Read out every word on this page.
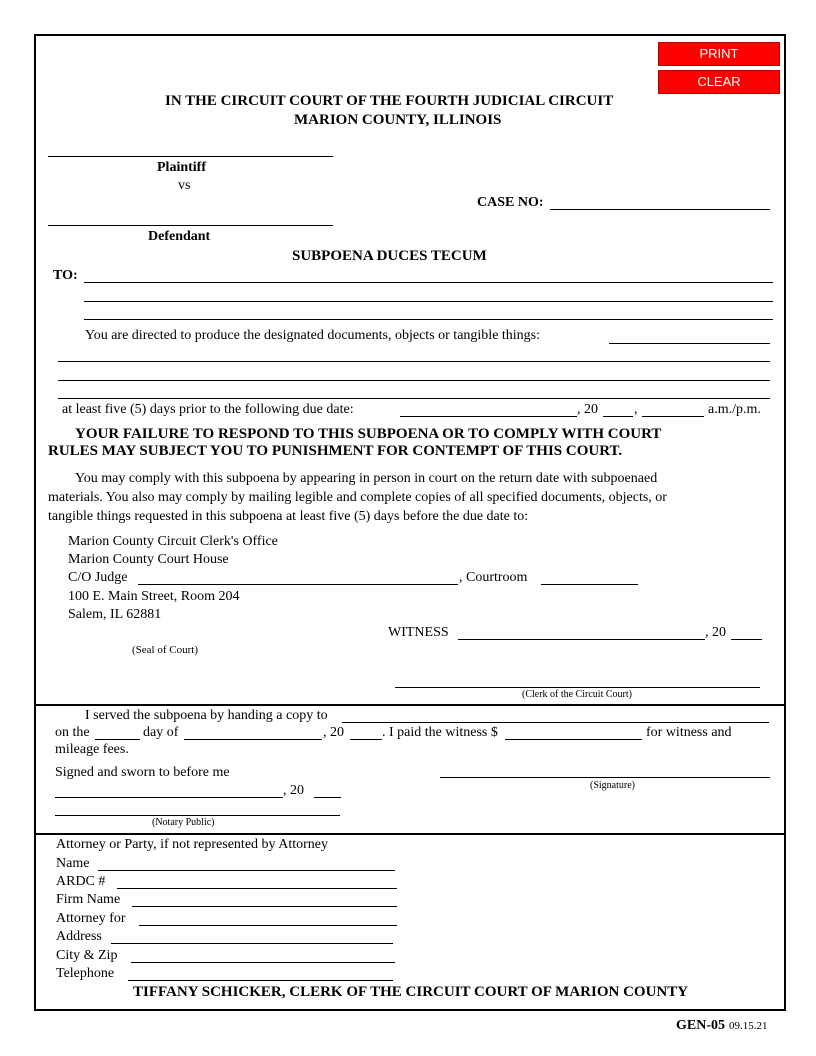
PRINT
CLEAR
IN THE CIRCUIT COURT OF THE FOURTH JUDICIAL CIRCUIT
MARION COUNTY, ILLINOIS
Plaintiff
vs
CASE NO:
Defendant
SUBPOENA DUCES TECUM
TO:
You are directed to produce the designated documents, objects or tangible things:
at least five (5) days prior to the following due date:	, 20	,	a.m./p.m.
YOUR FAILURE TO RESPOND TO THIS SUBPOENA OR TO COMPLY WITH COURT
RULES MAY SUBJECT YOU TO PUNISHMENT FOR CONTEMPT OF THIS COURT.
You may comply with this subpoena by appearing in person in court on the return date with subpoenaed
materials. You also may comply by mailing legible and complete copies of all specified documents, objects, or
tangible things requested in this subpoena at least five (5) days before the due date to:
Marion County Circuit Clerk's Office
Marion County Court House
C/O Judge	, Courtroom
100 E. Main Street, Room 204
Salem, IL 62881
WITNESS	, 20
(Seal of Court)
(Clerk of the Circuit Court)
I served the subpoena by handing a copy to
on the	day of	, 20	. I paid the witness $	for witness and
mileage fees.
Signed and sworn to before me
(Signature)
, 20
(Notary Public)
Attorney or Party, if not represented by Attorney
Name
ARDC #
Firm Name
Attorney for
Address
City & Zip
Telephone
TIFFANY SCHICKER, CLERK OF THE CIRCUIT COURT OF MARION COUNTY
GEN-05 09.15.21
